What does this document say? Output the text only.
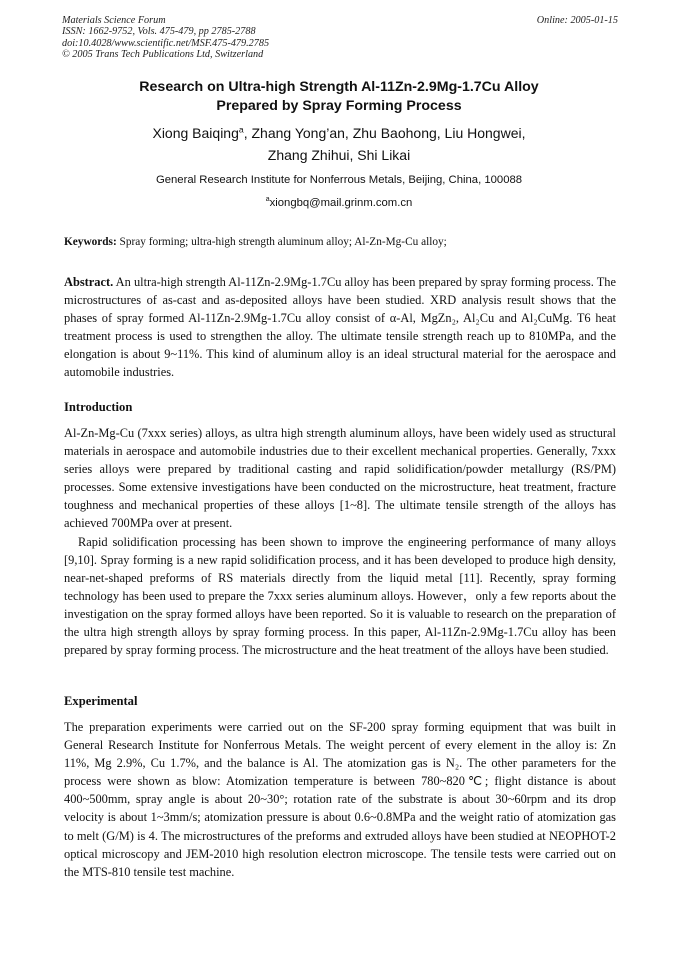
Materials Science Forum
ISSN: 1662-9752, Vols. 475-479, pp 2785-2788
doi:10.4028/www.scientific.net/MSF.475-479.2785
© 2005 Trans Tech Publications Ltd, Switzerland
Online: 2005-01-15
Research on Ultra-high Strength Al-11Zn-2.9Mg-1.7Cu Alloy
Prepared by Spray Forming Process
Xiong Baiqing$^a$, Zhang Yong’an, Zhu Baohong, Liu Hongwei,
Zhang Zhihui, Shi Likai
General Research Institute for Nonferrous Metals, Beijing, China, 100088
$^a$xiongbq@mail.grinm.com.cn
Keywords: Spray forming; ultra-high strength aluminum alloy; Al-Zn-Mg-Cu alloy;

Abstract. An ultra-high strength Al-11Zn-2.9Mg-1.7Cu alloy has been prepared by spray forming process. The microstructures of as-cast and as-deposited alloys have been studied. XRD analysis result shows that the phases of spray formed Al-11Zn-2.9Mg-1.7Cu alloy consist of α-Al, MgZn₂, Al₂Cu and Al₂CuMg. T6 heat treatment process is used to strengthen the alloy. The ultimate tensile strength reach up to 810MPa, and the elongation is about 9~11%. This kind of aluminum alloy is an ideal structural material for the aerospace and automobile industries.

Introduction

Al-Zn-Mg-Cu (7xxx series) alloys, as ultra high strength aluminum alloys, have been widely used as structural materials in aerospace and automobile industries due to their excellent mechanical properties. Generally, 7xxx series alloys were prepared by traditional casting and rapid solidification/powder metallurgy (RS/PM) processes. Some extensive investigations have been conducted on the microstructure, heat treatment, fracture toughness and mechanical properties of these alloys [1~8]. The ultimate tensile strength of the alloys has achieved 700MPa over at present.

Rapid solidification processing has been shown to improve the engineering performance of many alloys [9,10]. Spray forming is a new rapid solidification process, and it has been developed to produce high density, near-net-shaped preforms of RS materials directly from the liquid metal [11]. Recently, spray forming technology has been used to prepare the 7xxx series aluminum alloys. However，only a few reports about the investigation on the spray formed alloys have been reported. So it is valuable to research on the preparation of the ultra high strength alloys by spray forming process. In this paper, Al-11Zn-2.9Mg-1.7Cu alloy has been prepared by spray forming process. The microstructure and the heat treatment of the alloys have been studied.

Experimental

The preparation experiments were carried out on the SF-200 spray forming equipment that was built in General Research Institute for Nonferrous Metals. The weight percent of every element in the alloy is: Zn 11%, Mg 2.9%, Cu 1.7%, and the balance is Al. The atomization gas is N₂. The other parameters for the process were shown as blow: Atomization temperature is between 780~820℃; flight distance is about 400~500mm, spray angle is about 20~30°; rotation rate of the substrate is about 30~60rpm and its drop velocity is about 1~3mm/s; atomization pressure is about 0.6~0.8MPa and the weight ratio of atomization gas to melt (G/M) is 4. The microstructures of the preforms and extruded alloys have been studied at NEOPHOT-2 optical microscopy and JEM-2010 high resolution electron microscope. The tensile tests were carried out on the MTS-810 tensile test machine.
